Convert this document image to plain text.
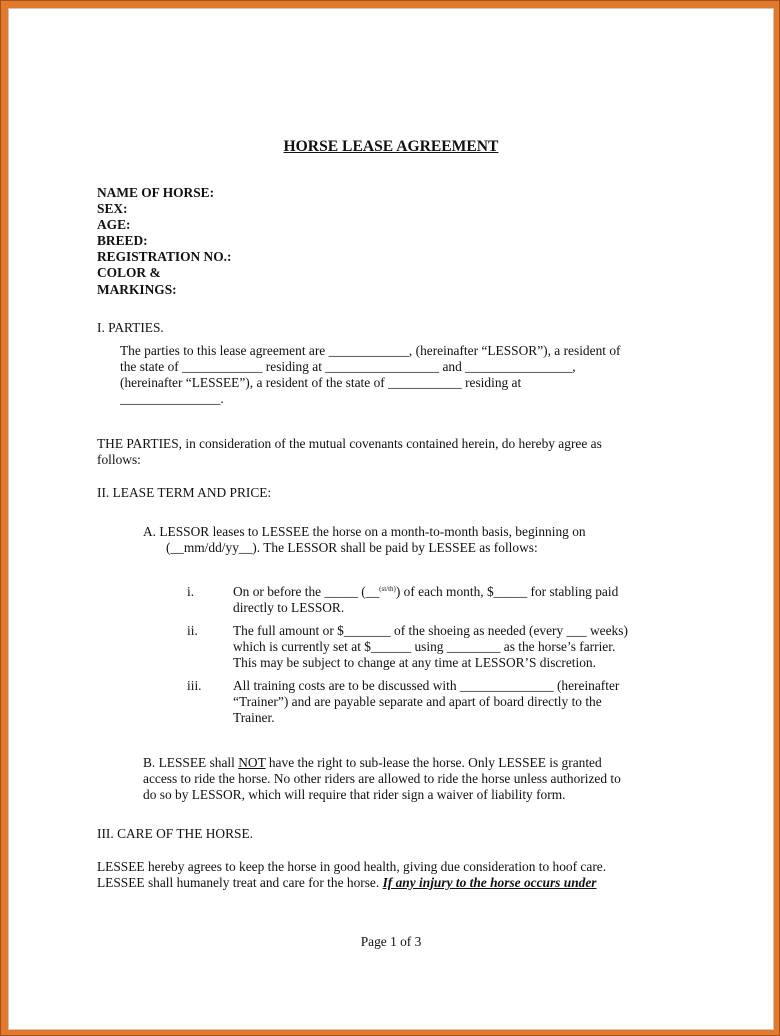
HORSE LEASE AGREEMENT
NAME OF HORSE:
SEX:
AGE:
BREED:
REGISTRATION NO.:
COLOR &
MARKINGS:
I. PARTIES.
The parties to this lease agreement are ____________, (hereinafter “LESSOR”), a resident of
the state of ____________ residing at _________________ and ________________,
(hereinafter “LESSEE”), a resident of the state of ___________ residing at
_______________.
THE PARTIES, in consideration of the mutual covenants contained herein, do hereby agree as
follows:
II. LEASE TERM AND PRICE:
A. LESSOR leases to LESSEE the horse on a month-to-month basis, beginning on
(__mm/dd/yy__). The LESSOR shall be paid by LESSEE as follows:
i.	On or before the _____ (__$^{(st/th)}$) of each month, $_____ for stabling paid
directly to LESSOR.
ii.	The full amount or $_______ of the shoeing as needed (every ___ weeks)
which is currently set at $______ using ________ as the horse’s farrier.
This may be subject to change at any time at LESSOR’S discretion.
iii. All training costs are to be discussed with ______________ (hereinafter
“Trainer”) and are payable separate and apart of board directly to the
Trainer.
B. LESSEE shall NOT have the right to sub-lease the horse. Only LESSEE is granted
access to ride the horse. No other riders are allowed to ride the horse unless authorized to
do so by LESSOR, which will require that rider sign a waiver of liability form.
III. CARE OF THE HORSE.
LESSEE hereby agrees to keep the horse in good health, giving due consideration to hoof care.
LESSEE shall humanely treat and care for the horse. If any injury to the horse occurs under
Page 1 of 3
